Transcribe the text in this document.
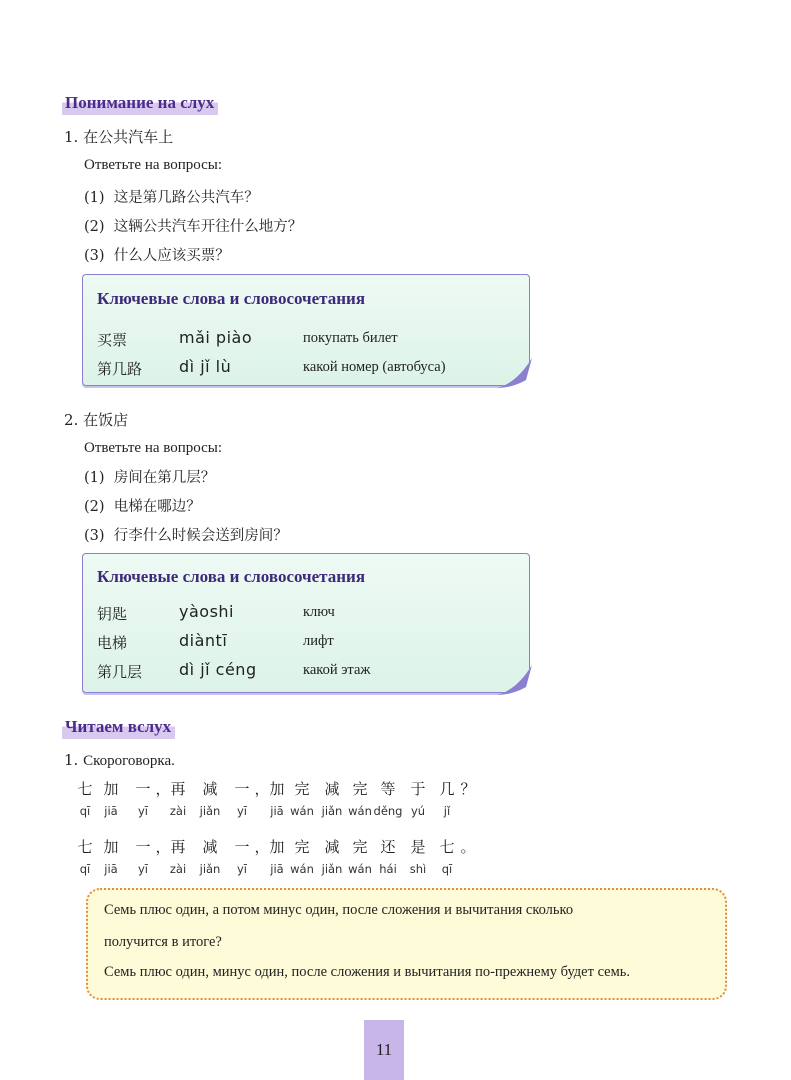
Понимание на слух
1. 在公共汽车上
Ответьте на вопросы:
(1) 这是第几路公共汽车？
(2) 这辆公共汽车开往什么地方？
(3) 什么人应该买票？
Ключевые слова и словосочетания
买票	mǎi piào	покупать билет
第几路 dì jǐ lù	какой номер (автобуса)
2. 在饭店
Ответьте на вопросы:
(1) 房间在第几层？
(2) 电梯在哪边？
(3) 行李什么时候会送到房间？
Ключевые слова и словосочетания
钥匙	yàoshi	ключ
电梯	diàntī	лифт
第几层 dì jǐ céng	какой этаж
Читаем вслух
1. Скороговорка.
七 加	一 ， 再	减	一 ， 加 完 减 完 等 于 几 ？
qī	jiā	yī	zài	jiǎn	yī	jiā wán jiǎn wán děng yú	jǐ
七 加	一 ， 再	减	一 ， 加 完 减 完 还 是 七 。
qī	jiā	yī	zài	jiǎn	yī	jiā wán jiǎn wán hái	shì	qī
Семь плюс один, а потом минус один, после сложения и вычитания сколько
получится в итоге?
Семь плюс один, минус один, после сложения и вычитания по-прежнему будет семь.
11
